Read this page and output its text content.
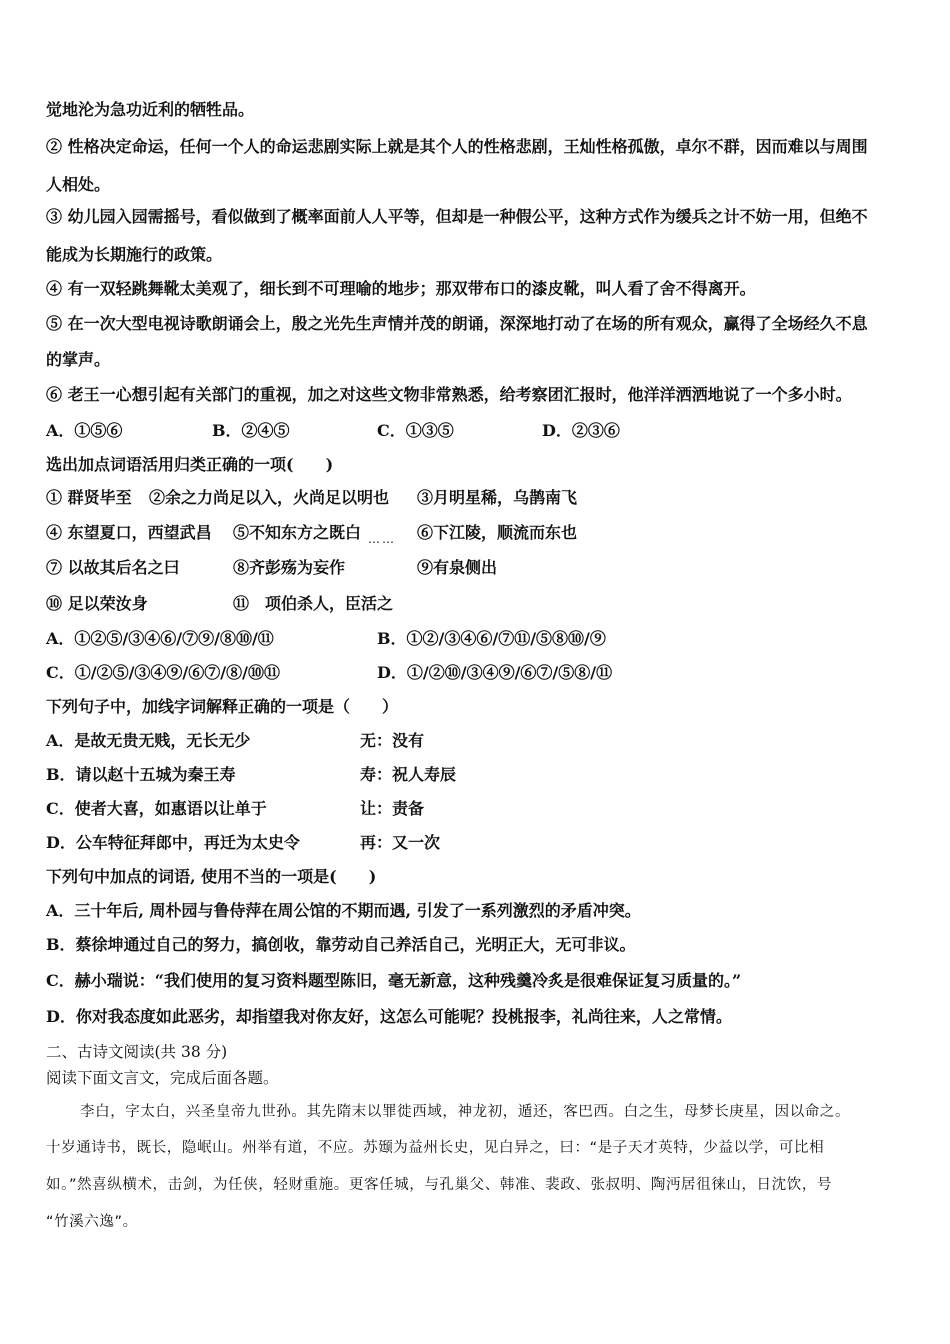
觉地沦为急功近利的牺牲品。
② 性格决定命运，任何一个人的命运悲剧实际上就是其个人的性格悲剧，王灿性格孤傲，卓尔不群，因而难以与周围
人相处。
③ 幼儿园入园需摇号，看似做到了概率面前人人平等，但却是一种假公平，这种方式作为缓兵之计不妨一用，但绝不
能成为长期施行的政策。
④ 有一双轻跳舞靴太美观了，细长到不可理喻的地步；那双带布口的漆皮靴，叫人看了舍不得离开。
⑤ 在一次大型电视诗歌朗诵会上，殷之光先生声情并茂的朗诵，深深地打动了在场的所有观众，赢得了全场经久不息
的掌声。
⑥ 老王一心想引起有关部门的重视，加之对这些文物非常熟悉，给考察团汇报时，他洋洋洒洒地说了一个多小时。
A．①⑤⑥	B．②④⑤	C．①③⑤	D．②③⑥
选出加点词语活用归类正确的一项(　　)
① 群贤毕至 ②余之力尚足以入，火尚足以明也 ③月明星稀，乌鹊南飞
④ 东望夏口，西望武昌 ⑤不知东方之既白 …… ⑥下江陵，顺流而东也
⑦ 以故其后名之曰	⑧齐彭殇为妄作	⑨有泉侧出
⑩ 足以荣汝身	⑪　项伯杀人，臣活之
A．①②⑤/③④⑥/⑦⑨/⑧⑩/⑪	B．①②/③④⑥/⑦⑪/⑤⑧⑩/⑨
C．①/②⑤/③④⑨/⑥⑦/⑧/⑩⑪	D．①/②⑩/③④⑨/⑥⑦/⑤⑧/⑪
下列句子中，加线字词解释正确的一项是（　　）
A．是故无贵无贱，无长无少	无：没有
B．请以赵十五城为秦王寿	寿：祝人寿辰
C．使者大喜，如惠语以让单于	让：责备
D．公车特征拜郎中，再迁为太史令	再：又一次
下列句中加点的词语, 使用不当的一项是(　　)
A．三十年后, 周朴园与鲁侍萍在周公馆的不期而遇, 引发了一系列激烈的矛盾冲突。
B．蔡徐坤通过自己的努力，搞创收，靠劳动自己养活自己，光明正大，无可非议。
C．赫小瑞说：“我们使用的复习资料题型陈旧，毫无新意，这种残羹冷炙是很难保证复习质量的。”
D．你对我态度如此恶劣，却指望我对你友好，这怎么可能呢？投桃报李，礼尚往来，人之常情。
二、古诗文阅读(共 38 分)
阅读下面文言文，完成后面各题。
李白，字太白，兴圣皇帝九世孙。其先隋末以罪徙西域，神龙初，遁还，客巴西。白之生，母梦长庚星，因以命之。
十岁通诗书，既长，隐岷山。州举有道，不应。苏颋为益州长史，见白异之，曰：“是子天才英特，少益以学，可比相
如。”然喜纵横术，击剑，为任侠，轻财重施。更客任城，与孔巢父、韩准、裴政、张叔明、陶沔居徂徕山，日沈饮，号
“竹溪六逸”。
